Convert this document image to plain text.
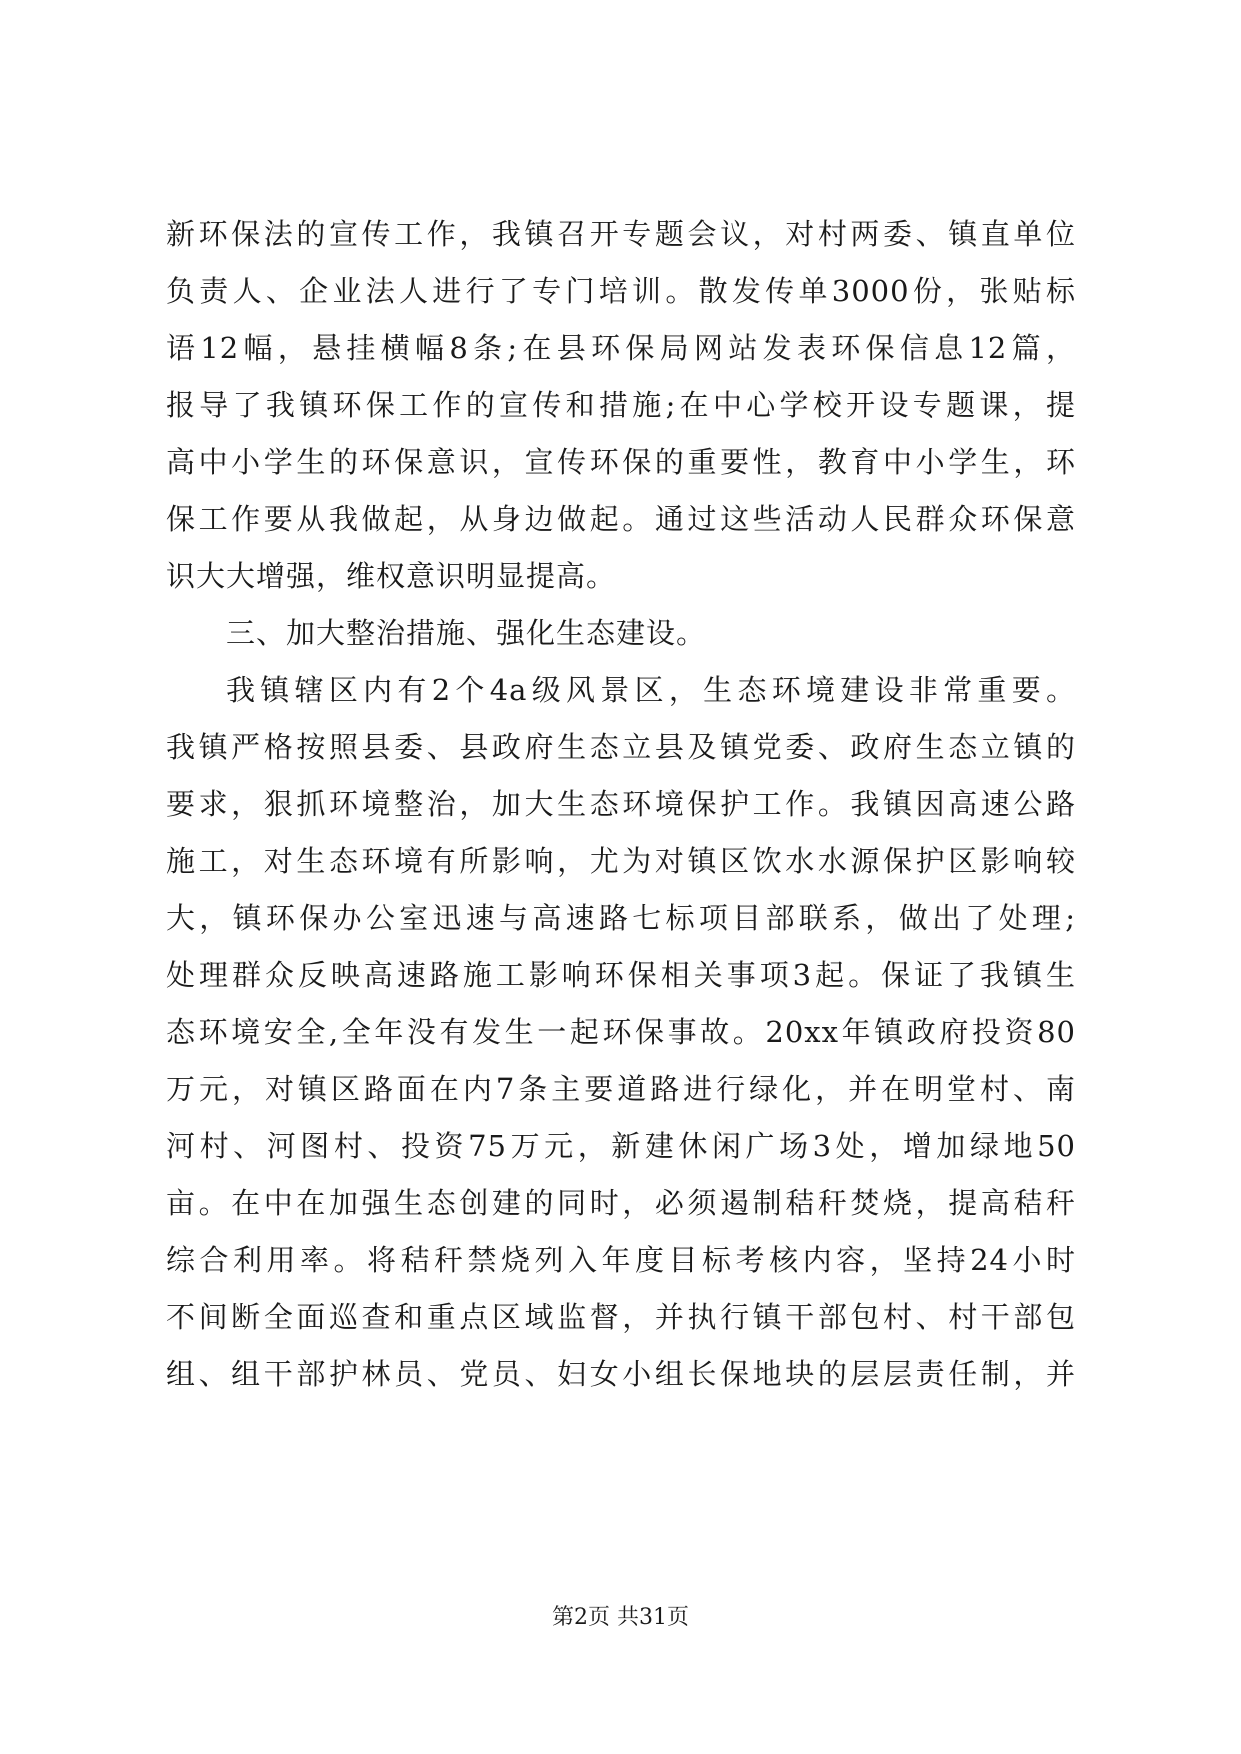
新环保法的宣传工作，我镇召开专题会议，对村两委、镇直单位
负责人、企业法人进行了专门培训。散发传单3000份，张贴标
语12幅，悬挂横幅8条;在县环保局网站发表环保信息12篇，
报导了我镇环保工作的宣传和措施;在中心学校开设专题课，提
高中小学生的环保意识，宣传环保的重要性，教育中小学生，环
保工作要从我做起，从身边做起。通过这些活动人民群众环保意
识大大增强，维权意识明显提高。
三、加大整治措施、强化生态建设。
我镇辖区内有2个4a级风景区，生态环境建设非常重要。
我镇严格按照县委、县政府生态立县及镇党委、政府生态立镇的
要求，狠抓环境整治，加大生态环境保护工作。我镇因高速公路
施工，对生态环境有所影响，尤为对镇区饮水水源保护区影响较
大，镇环保办公室迅速与高速路七标项目部联系，做出了处理;
处理群众反映高速路施工影响环保相关事项3起。保证了我镇生
态环境安全,全年没有发生一起环保事故。20xx年镇政府投资80
万元，对镇区路面在内7条主要道路进行绿化，并在明堂村、南
河村、河图村、投资75万元，新建休闲广场3处，增加绿地50
亩。在中在加强生态创建的同时，必须遏制秸秆焚烧，提高秸秆
综合利用率。将秸秆禁烧列入年度目标考核内容，坚持24小时
不间断全面巡查和重点区域监督，并执行镇干部包村、村干部包
组、组干部护林员、党员、妇女小组长保地块的层层责任制，并
第2页 共31页
